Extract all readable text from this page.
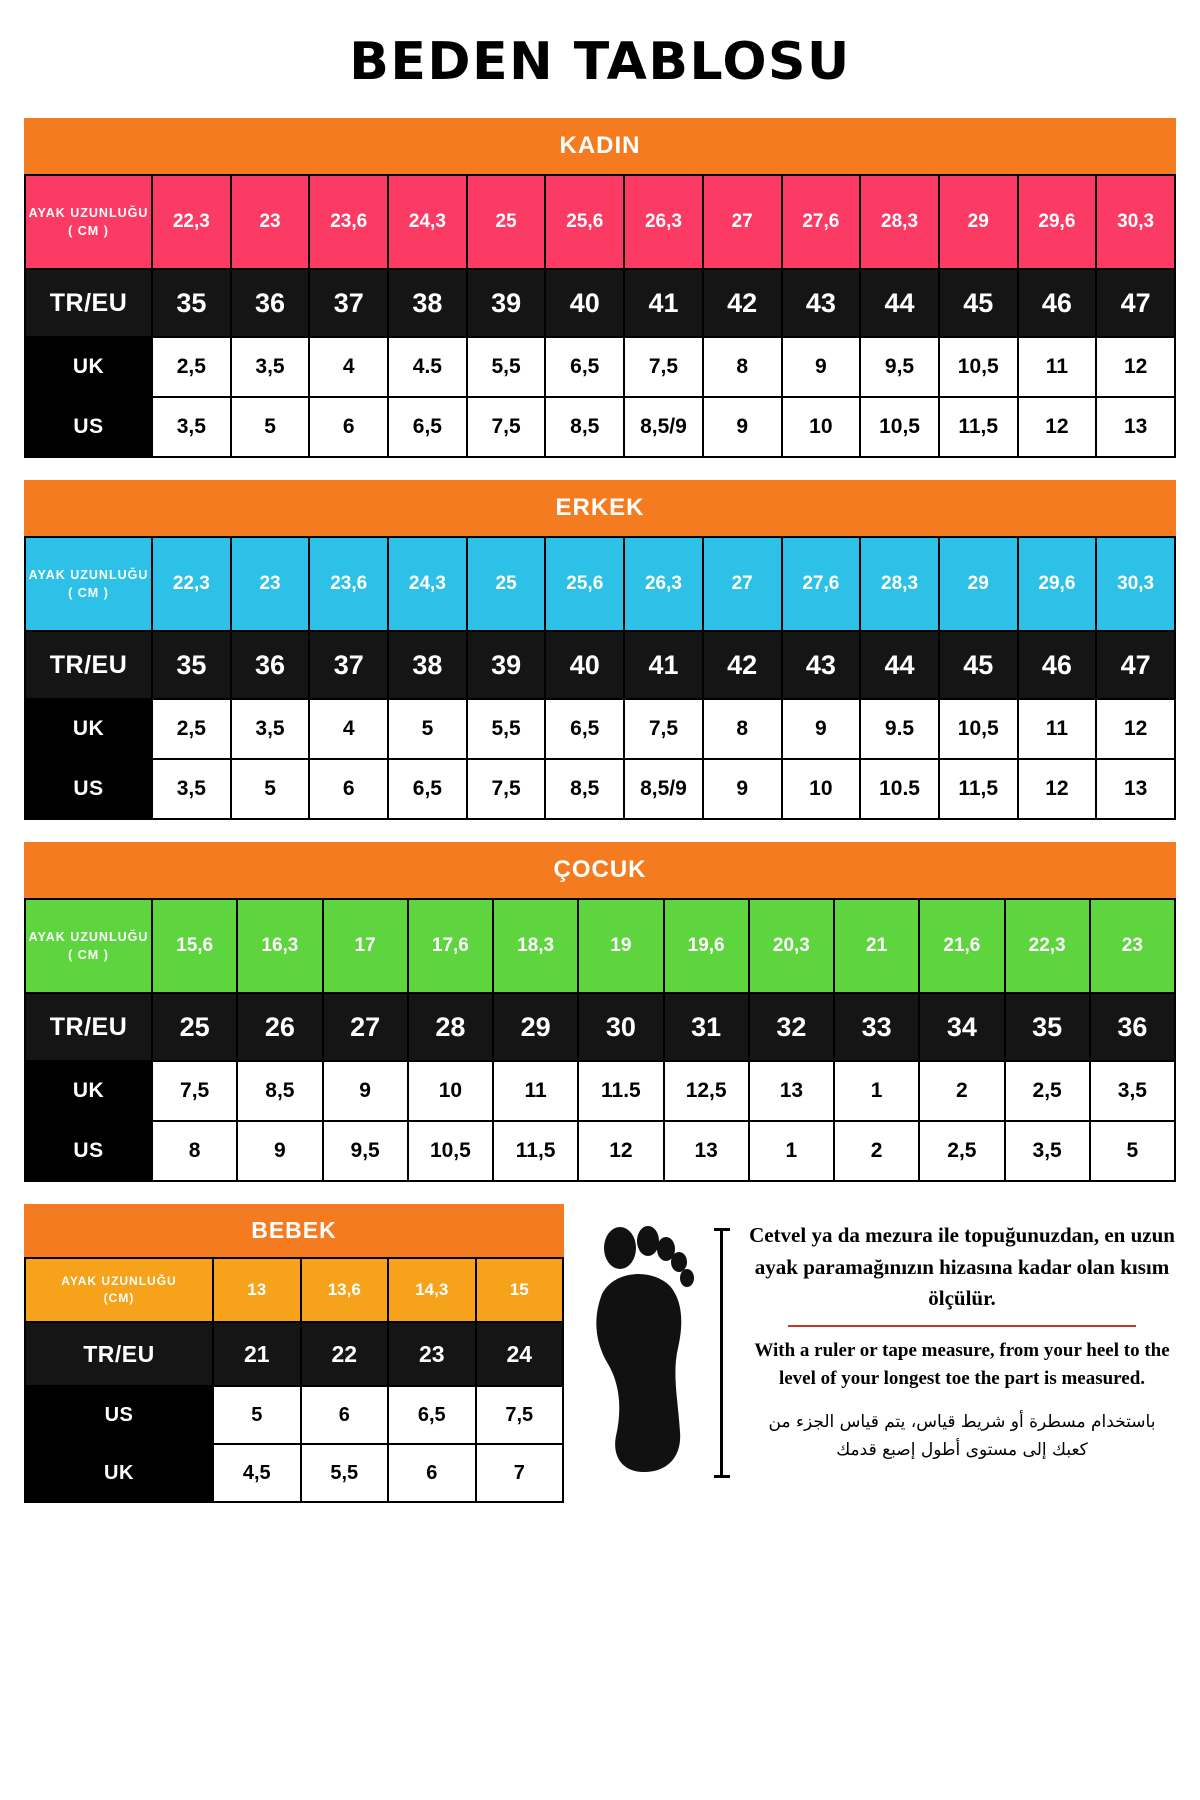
BEDEN TABLOSU
KADIN
AYAK UZUNLUĞU
( CM )	22,3	23	23,6	24,3	25	25,6	26,3	27	27,6	28,3	29	29,6	30,3
TR/EU	35	36	37	38	39	40	41	42	43	44	45	46	47
UK	2,5	3,5	4	4.5	5,5	6,5	7,5	8	9	9,5	10,5	11	12
US	3,5	5	6	6,5	7,5	8,5	8,5/9	9	10	10,5	11,5	12	13
ERKEK
AYAK UZUNLUĞU
( CM )	22,3	23	23,6	24,3	25	25,6	26,3	27	27,6	28,3	29	29,6	30,3
TR/EU	35	36	37	38	39	40	41	42	43	44	45	46	47
UK	2,5	3,5	4	5	5,5	6,5	7,5	8	9	9.5	10,5	11	12
US	3,5	5	6	6,5	7,5	8,5	8,5/9	9	10	10.5	11,5	12	13
ÇOCUK
AYAK UZUNLUĞU
( CM )	15,6	16,3	17	17,6	18,3	19	19,6	20,3	21	21,6	22,3	23
TR/EU	25	26	27	28	29	30	31	32	33	34	35	36
UK	7,5	8,5	9	10	11	11.5	12,5	13	1	2	2,5	3,5
US	8	9	9,5	10,5	11,5	12	13	1	2	2,5	3,5	5
BEBEK
AYAK UZUNLUĞU
(CM)	13	13,6	14,3	15
TR/EU	21	22	23	24
US	5	6	6,5	7,5
UK	4,5	5,5	6	7
Cetvel ya da mezura ile topuğunuzdan, en uzun ayak paramağınızın hizasına kadar olan kısım ölçülür.
With a ruler or tape measure, from your heel to the level of your longest toe the part is measured.
باستخدام مسطرة أو شريط قياس، يتم قياس الجزء من كعبك إلى مستوى أطول إصبع قدمك
